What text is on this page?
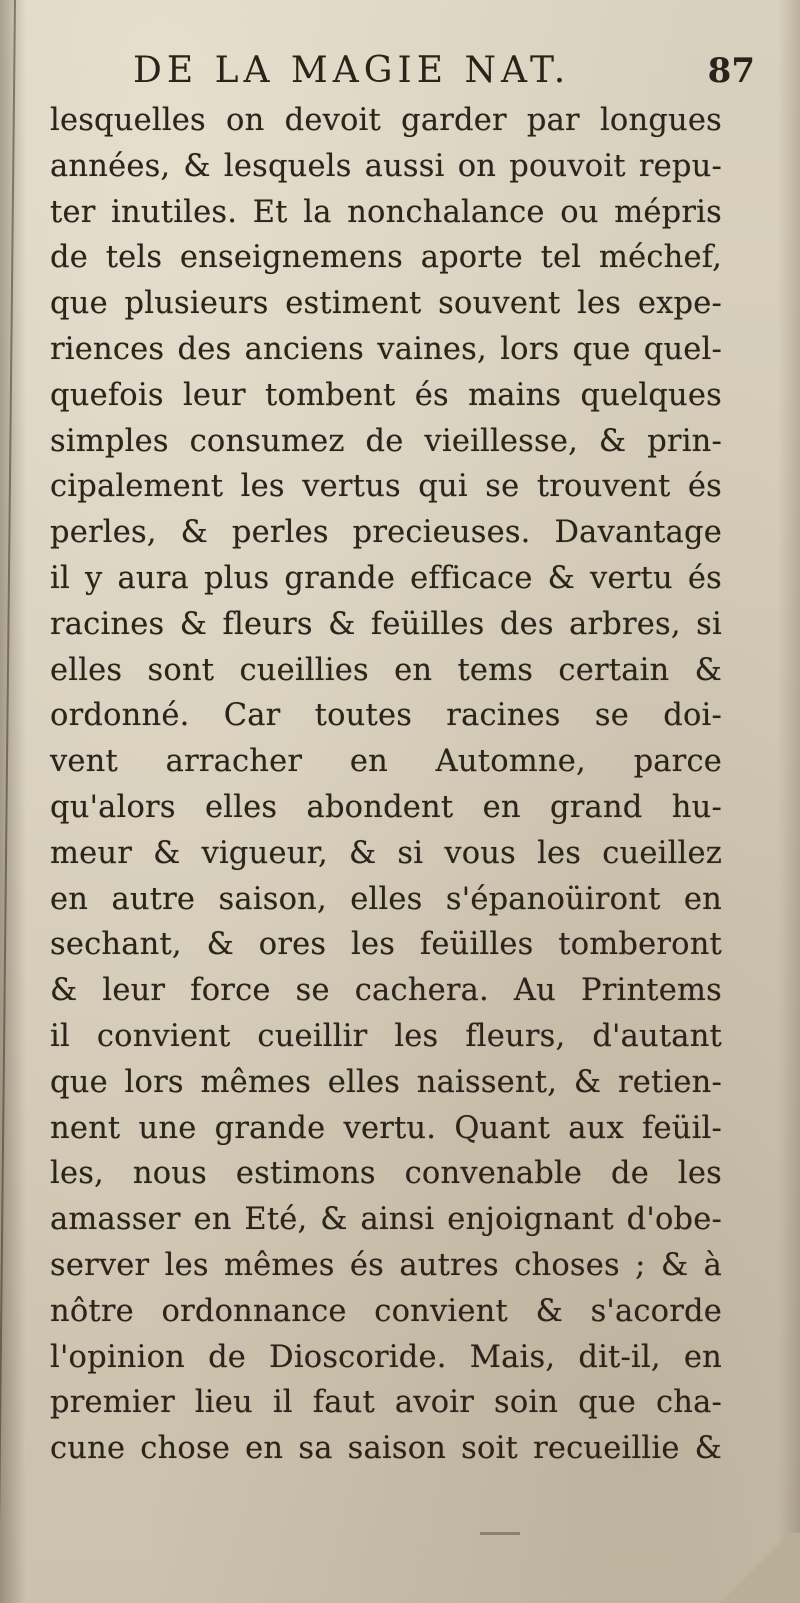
DE LA MAGIE NAT.	87
lesquelles on devoit garder par longues
années, & lesquels aussi on pouvoit repu-
ter inutiles. Et la nonchalance ou mépris
de tels enseignemens aporte tel méchef,
que plusieurs estiment souvent les expe-
riences des anciens vaines, lors que quel-
quefois leur tombent és mains quelques
simples consumez de vieillesse, & prin-
cipalement les vertus qui se trouvent és
perles, & perles precieuses. Davantage
il y aura plus grande efficace & vertu és
racines & fleurs & feüilles des arbres, si
elles sont cueillies en tems certain &
ordonné. Car toutes racines se doi-
vent arracher en Automne, parce
qu'alors elles abondent en grand hu-
meur & vigueur, & si vous les cueillez
en autre saison, elles s'épanoüiront en
sechant, & ores les feüilles tomberont
& leur force se cachera. Au Printems
il convient cueillir les fleurs, d'autant
que lors mêmes elles naissent, & retien-
nent une grande vertu. Quant aux feüil-
les, nous estimons convenable de les
amasser en Eté, & ainsi enjoignant d'obe-
server les mêmes és autres choses ; & à
nôtre ordonnance convient & s'acorde
l'opinion de Dioscoride. Mais, dit-il, en
premier lieu il faut avoir soin que cha-
cune chose en sa saison soit recueillie &
